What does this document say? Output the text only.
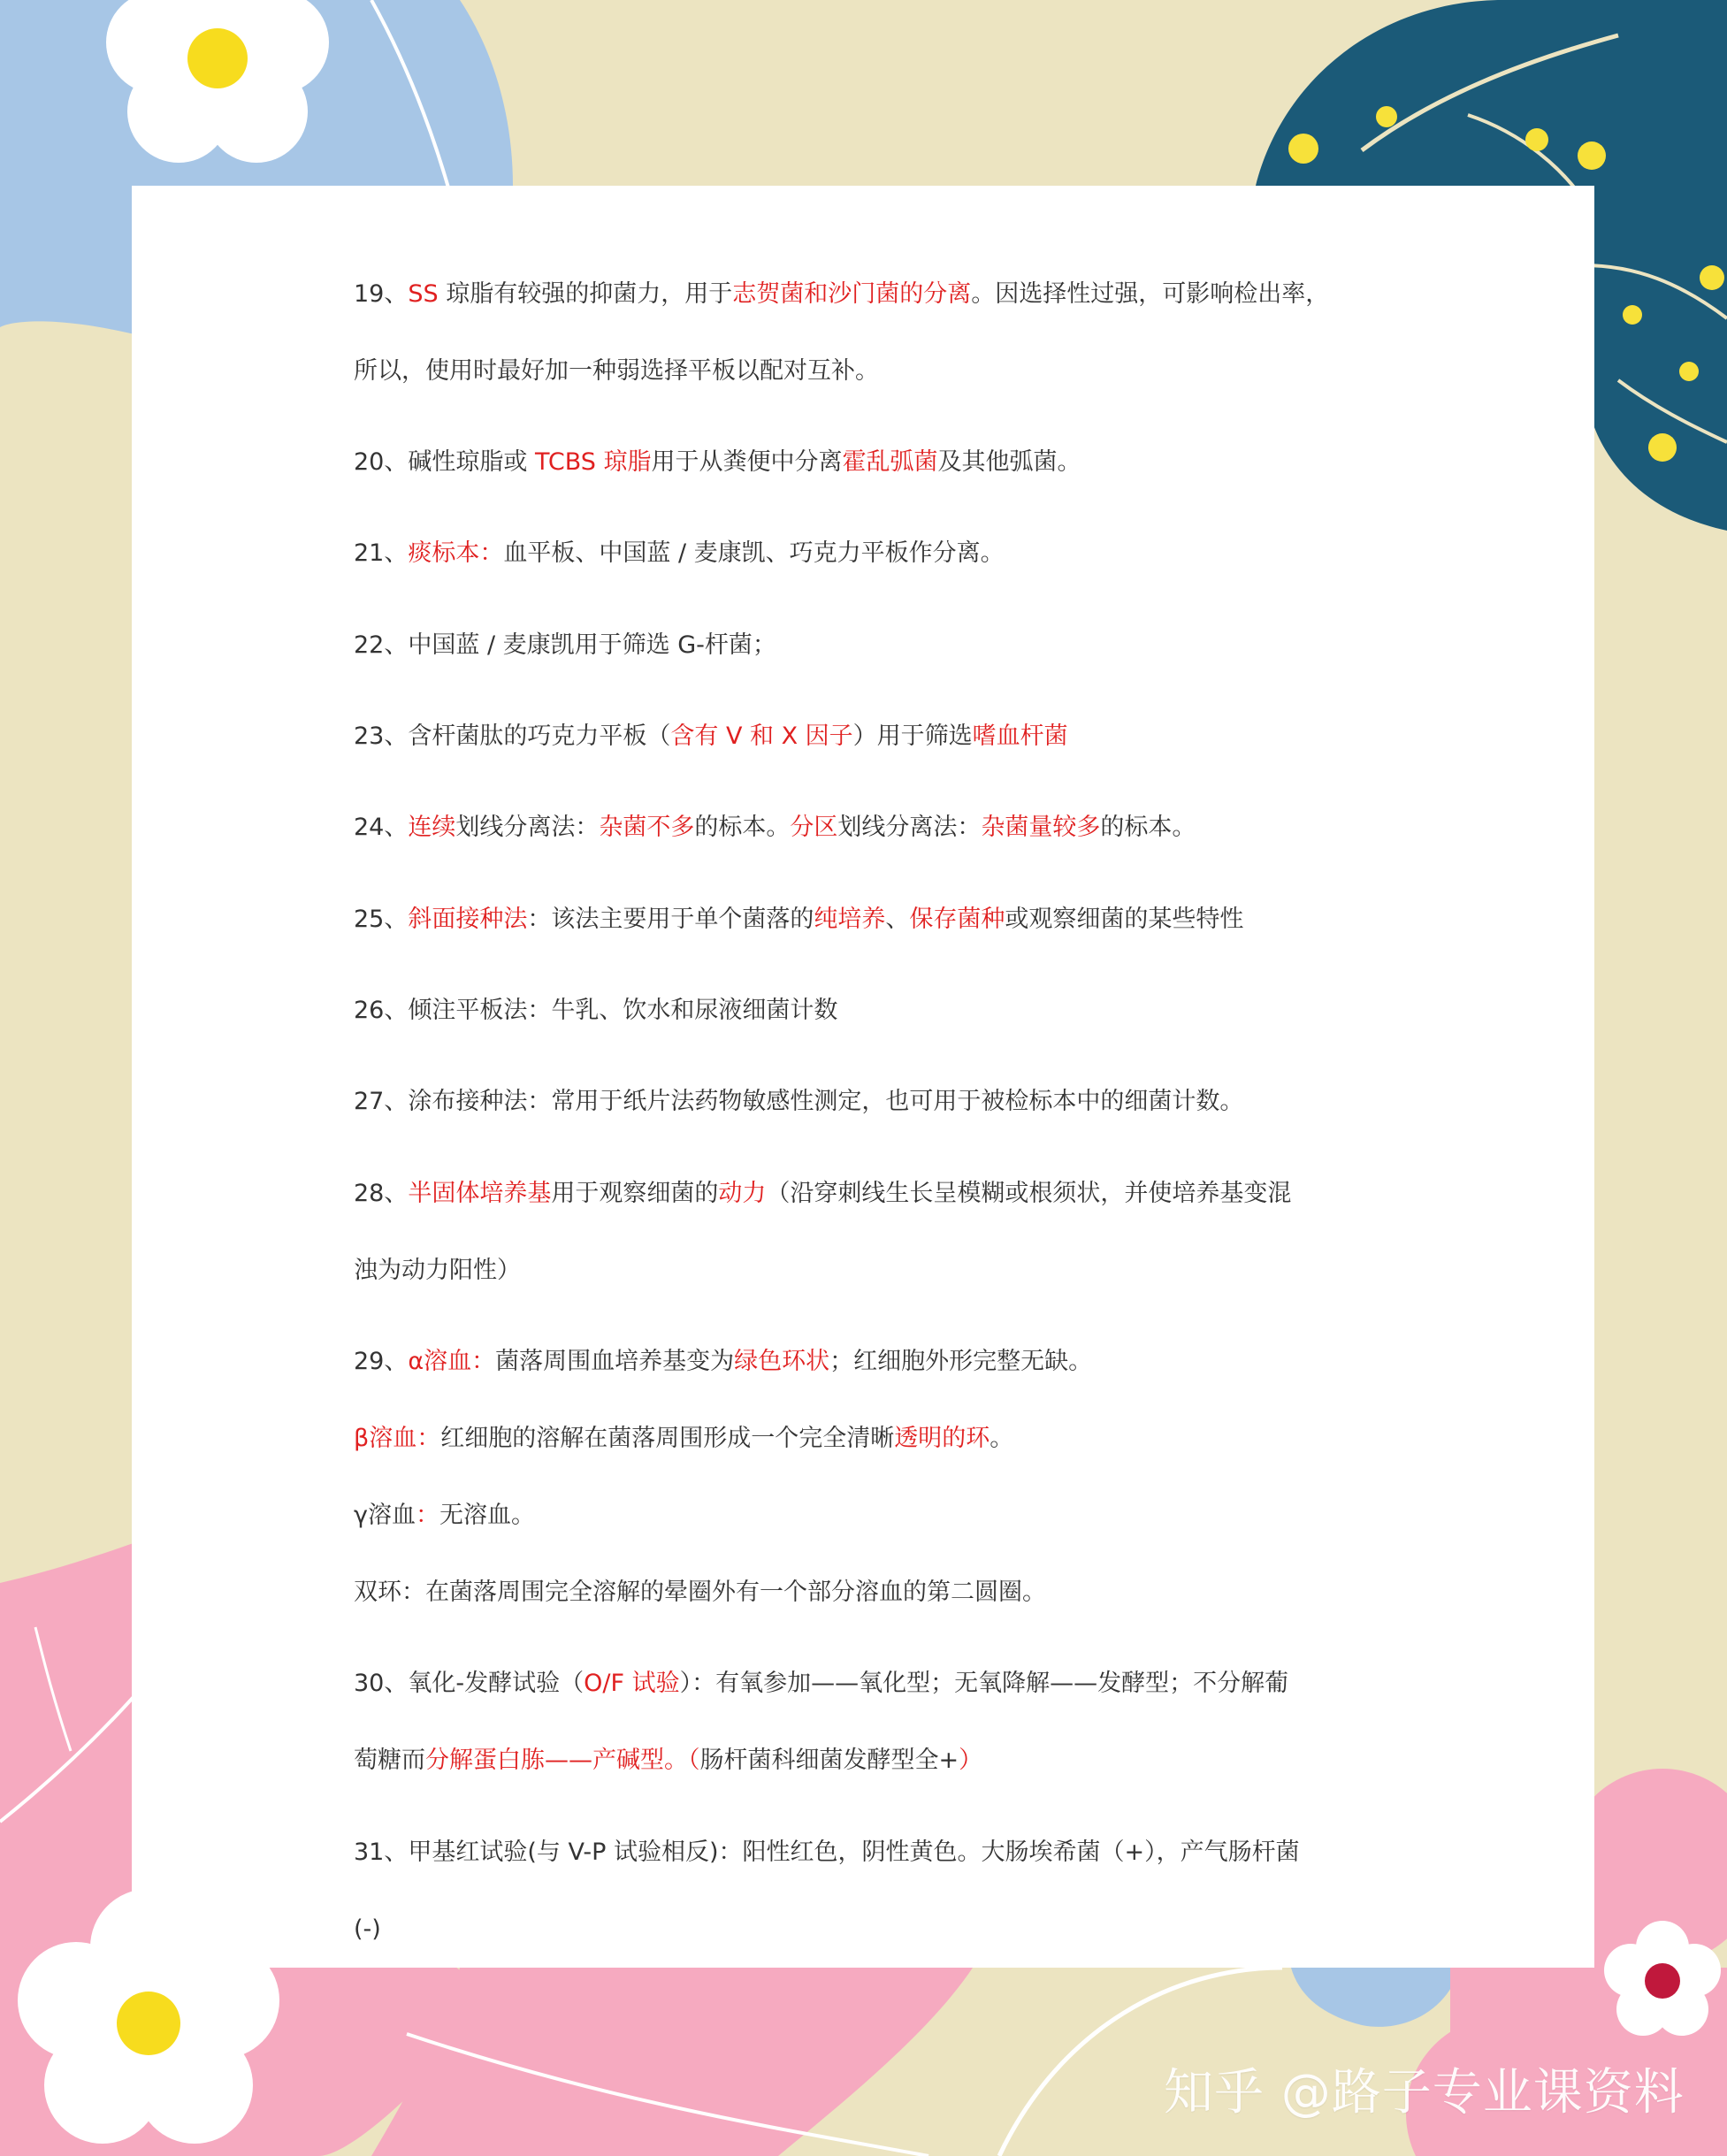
19、SS 琼脂有较强的抑菌力，用于志贺菌和沙门菌的分离。因选择性过强，可影响检出率，
所以，使用时最好加一种弱选择平板以配对互补。
20、碱性琼脂或 TCBS 琼脂用于从粪便中分离霍乱弧菌及其他弧菌。
21、痰标本：血平板、中国蓝 / 麦康凯、巧克力平板作分离。
22、中国蓝 / 麦康凯用于筛选 G-杆菌；
23、含杆菌肽的巧克力平板（含有 V 和 X 因子）用于筛选嗜血杆菌
24、连续划线分离法：杂菌不多的标本。分区划线分离法：杂菌量较多的标本。
25、斜面接种法：该法主要用于单个菌落的纯培养、保存菌种或观察细菌的某些特性
26、倾注平板法：牛乳、饮水和尿液细菌计数
27、涂布接种法：常用于纸片法药物敏感性测定，也可用于被检标本中的细菌计数。
28、半固体培养基用于观察细菌的动力（沿穿刺线生长呈模糊或根须状，并使培养基变混
浊为动力阳性）
29、α溶血：菌落周围血培养基变为绿色环状；红细胞外形完整无缺。
β溶血：红细胞的溶解在菌落周围形成一个完全清晰透明的环。
γ溶血：无溶血。
双环：在菌落周围完全溶解的晕圈外有一个部分溶血的第二圆圈。
30、氧化-发酵试验（O/F 试验）：有氧参加——氧化型；无氧降解——发酵型；不分解葡
萄糖而分解蛋白胨——产碱型。（肠杆菌科细菌发酵型全+）
31、甲基红试验(与 V-P 试验相反)：阳性红色，阴性黄色。大肠埃希菌（+），产气肠杆菌
(-)
知乎 @路子专业课资料
